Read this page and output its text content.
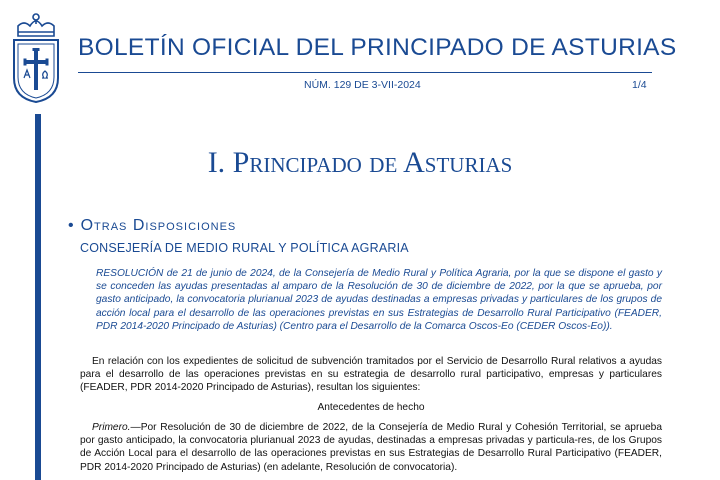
BOLETÍN OFICIAL DEL PRINCIPADO DE ASTURIAS
NÚM. 129 DE 3-VII-2024	1/4
I. Principado de Asturias
• Otras Disposiciones
CONSEJERÍA DE MEDIO RURAL Y POLÍTICA AGRARIA
RESOLUCIÓN de 21 de junio de 2024, de la Consejería de Medio Rural y Política Agraria, por la que se dispone el gasto y se conceden las ayudas presentadas al amparo de la Resolución de 30 de diciembre de 2022, por la que se aprueba, por gasto anticipado, la convocatoria plurianual 2023 de ayudas destinadas a empresas privadas y particulares de los grupos de acción local para el desarrollo de las operaciones previstas en sus Estrategias de Desarrollo Rural Participativo (FEADER, PDR 2014-2020 Principado de Asturias) (Centro para el Desarrollo de la Comarca Oscos-Eo (CEDER Oscos-Eo)).
En relación con los expedientes de solicitud de subvención tramitados por el Servicio de Desarrollo Rural relativos a ayudas para el desarrollo de las operaciones previstas en su estrategia de desarrollo rural participativo, empresas y particulares (FEADER, PDR 2014-2020 Principado de Asturias), resultan los siguientes:
Antecedentes de hecho
Primero.—Por Resolución de 30 de diciembre de 2022, de la Consejería de Medio Rural y Cohesión Territorial, se aprueba por gasto anticipado, la convocatoria plurianual 2023 de ayudas, destinadas a empresas privadas y particula-res, de los Grupos de Acción Local para el desarrollo de las operaciones previstas en sus Estrategias de Desarrollo Rural Participativo (FEADER, PDR 2014-2020 Principado de Asturias) (en adelante, Resolución de convocatoria).
